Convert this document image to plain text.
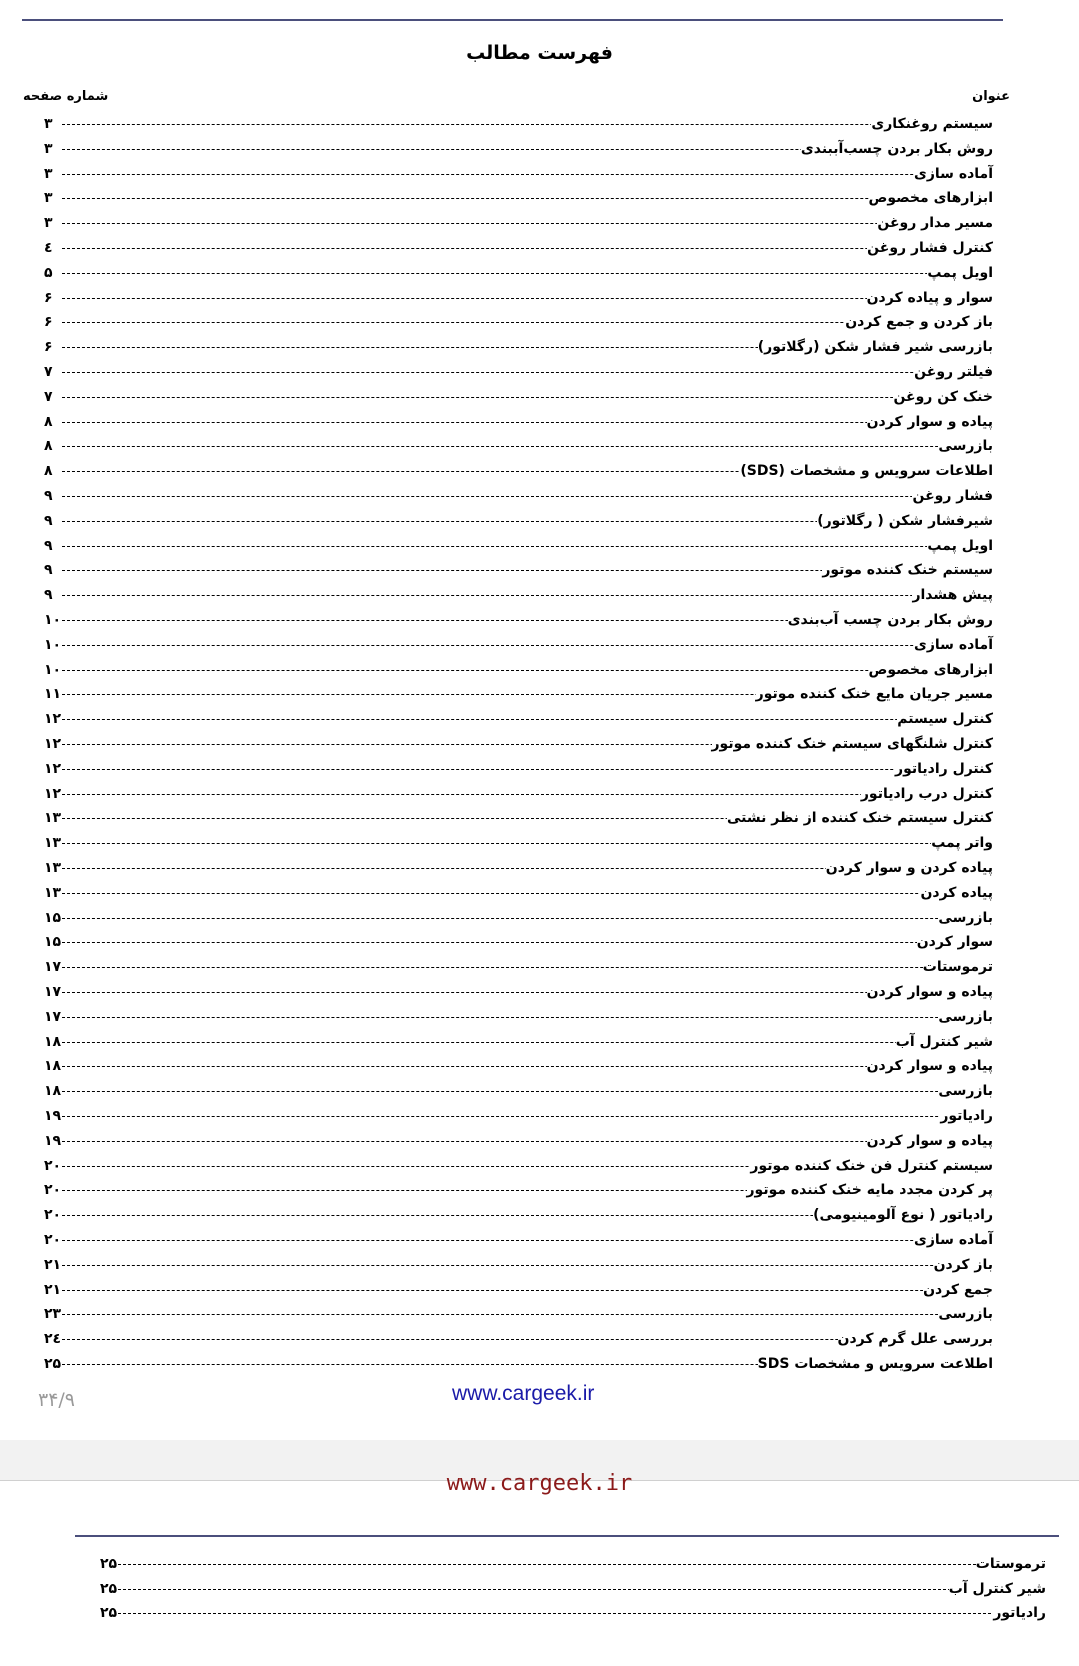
فهرست مطالب
عنوان
شماره صفحه
سیستم روغنکاری
۳
روش بکار بردن چسب‌آببندی
۳
آماده سازی
۳
ابزارهای مخصوص
۳
مسیر مدار روغن
۳
کنترل فشار روغن
٤
اویل پمپ
۵
سوار و پیاده کردن
۶
باز کردن و جمع کردن
۶
بازرسی شیر فشار شکن (رگلاتور)
۶
فیلتر روغن
۷
خنک کن روغن
۷
پیاده و سوار کردن
۸
بازرسی
۸
اطلاعات سرویس و مشخصات (SDS)
۸
فشار روغن
۹
شیرفشار شکن ( رگلاتور)
۹
اویل پمپ
۹
سیستم خنک کننده موتور
۹
پیش هشدار
۹
روش بکار بردن چسب آب‌بندی
۱۰
آماده سازی
۱۰
ابزارهای مخصوص
۱۰
مسیر جریان مایع خنک کننده موتور
۱۱
کنترل سیستم
۱۲
کنترل شلنگهای سیستم خنک کننده موتور
۱۲
کنترل رادیاتور
۱۲
کنترل درب رادیاتور
۱۲
کنترل سیستم خنک کننده از نظر نشتی
۱۳
واتر پمپ
۱۳
پیاده کردن و سوار کردن
۱۳
پیاده کردن
۱۳
بازرسی
۱۵
سوار کردن
۱۵
ترموستات
۱۷
پیاده و سوار کردن
۱۷
بازرسی
۱۷
شیر کنترل آب
۱۸
پیاده و سوار کردن
۱۸
بازرسی
۱۸
رادیاتور
۱۹
پیاده و سوار کردن
۱۹
سیستم کنترل فن خنک کننده موتور
۲۰
پر کردن مجدد مایه خنک کننده موتور
۲۰
رادیاتور ( نوع آلومینیومی)
۲۰
آماده سازی
۲۰
باز کردن
۲۱
جمع کردن
۲۱
بازرسی
۲۳
بررسی علل گرم کردن
۲٤
اطلاعت سرویس و مشخصات SDS
۲۵
۳۴/۹	www.cargeek.ir
www.cargeek.ir
ترموستات
۲۵
شیر کنترل آب
۲۵
رادیاتور
۲۵
